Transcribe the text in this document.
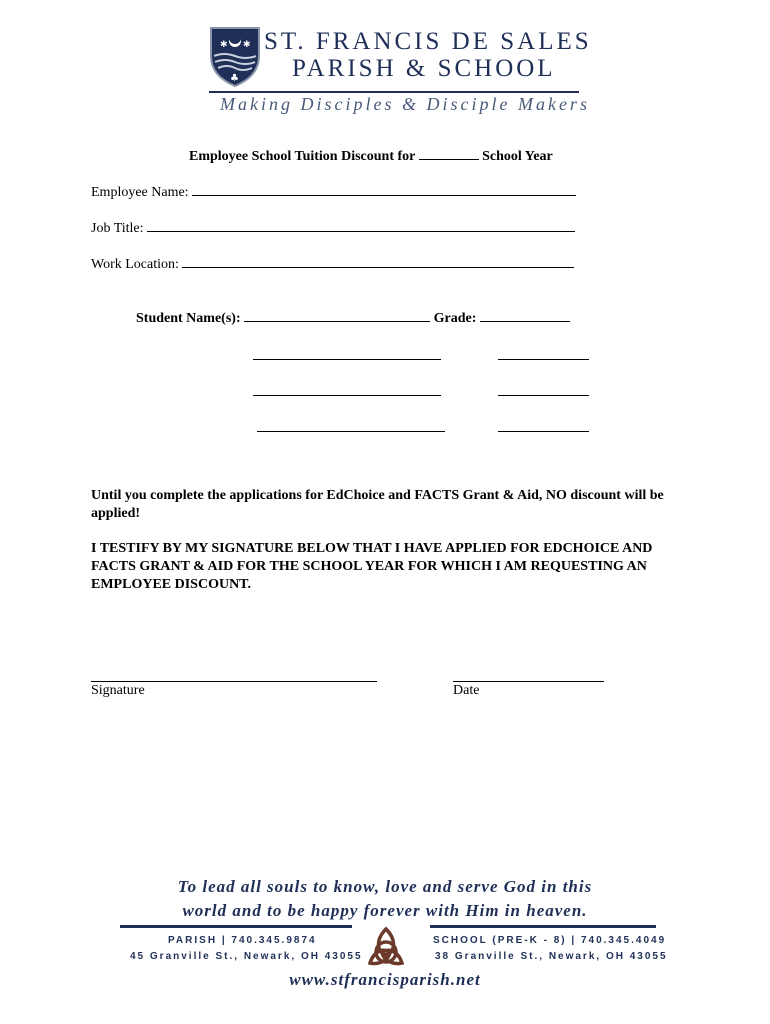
✱ ✱
♣
ST. FRANCIS DE SALES
PARISH & SCHOOL
Making Disciples & Disciple Makers
Employee School Tuition Discount for	School Year
Employee Name:
Job Title:
Work Location:
Student Name(s):	Grade:
Until you complete the applications for EdChoice and FACTS Grant & Aid, NO discount will be applied!
I TESTIFY BY MY SIGNATURE BELOW THAT I HAVE APPLIED FOR EDCHOICE AND FACTS GRANT & AID FOR THE SCHOOL YEAR FOR WHICH I AM REQUESTING AN EMPLOYEE DISCOUNT.
Signature	Date
To lead all souls to know, love and serve God in this
world and to be happy forever with Him in heaven.
PARISH | 740.345.9874
45 Granville St., Newark, OH 43055
SCHOOL (PRE-K - 8) | 740.345.4049
38 Granville St., Newark, OH 43055
www.stfrancisparish.net
